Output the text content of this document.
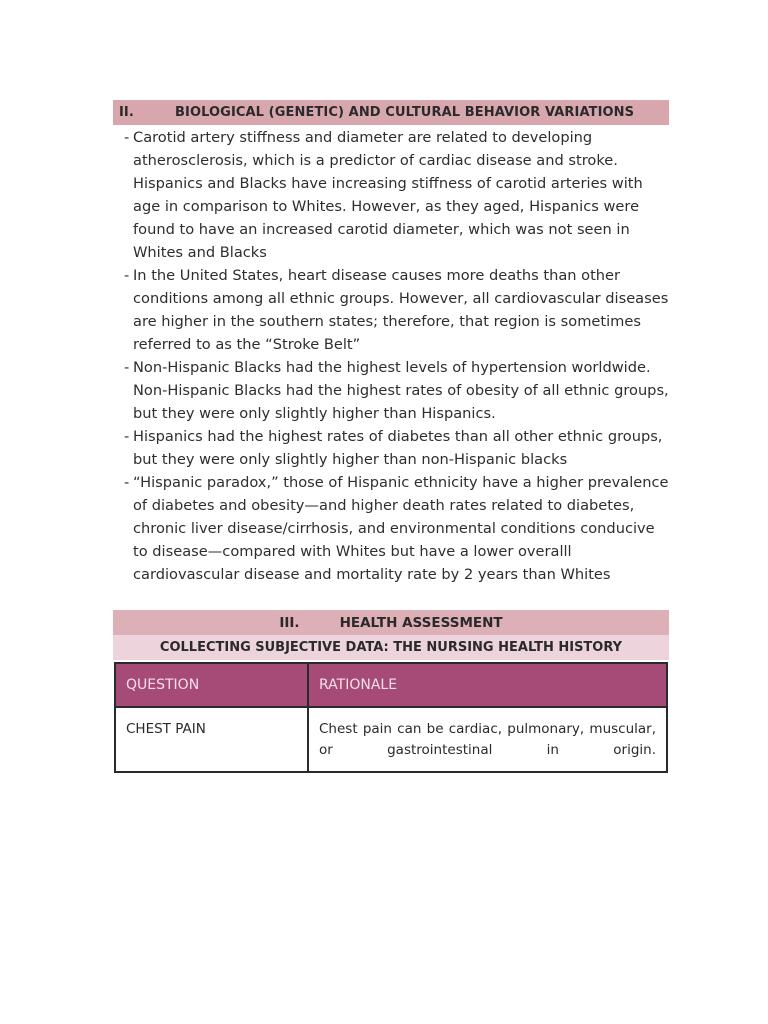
II.	BIOLOGICAL (GENETIC) AND CULTURAL BEHAVIOR VARIATIONS
- Carotid artery stiffness and diameter are related to developing atherosclerosis, which is a predictor of cardiac disease and stroke. Hispanics and Blacks have increasing stiffness of carotid arteries with age in comparison to Whites. However, as they aged, Hispanics were found to have an increased carotid diameter, which was not seen in Whites and Blacks
- In the United States, heart disease causes more deaths than other conditions among all ethnic groups. However, all cardiovascular diseases are higher in the southern states; therefore, that region is sometimes referred to as the “Stroke Belt”
- Non-Hispanic Blacks had the highest levels of hypertension worldwide. Non-Hispanic Blacks had the highest rates of obesity of all ethnic groups, but they were only slightly higher than Hispanics.
- Hispanics had the highest rates of diabetes than all other ethnic groups, but they were only slightly higher than non-Hispanic blacks
- “Hispanic paradox,” those of Hispanic ethnicity have a higher prevalence of diabetes and obesity—and higher death rates related to diabetes, chronic liver disease/cirrhosis, and environmental conditions conducive to disease—compared with Whites but have a lower overalll cardiovascular disease and mortality rate by 2 years than Whites
III.	HEALTH ASSESSMENT
COLLECTING SUBJECTIVE DATA: THE NURSING HEALTH HISTORY
QUESTION	RATIONALE
CHEST PAIN	Chest pain can be cardiac, pulmonary, muscular, or gastrointestinal in origin.
